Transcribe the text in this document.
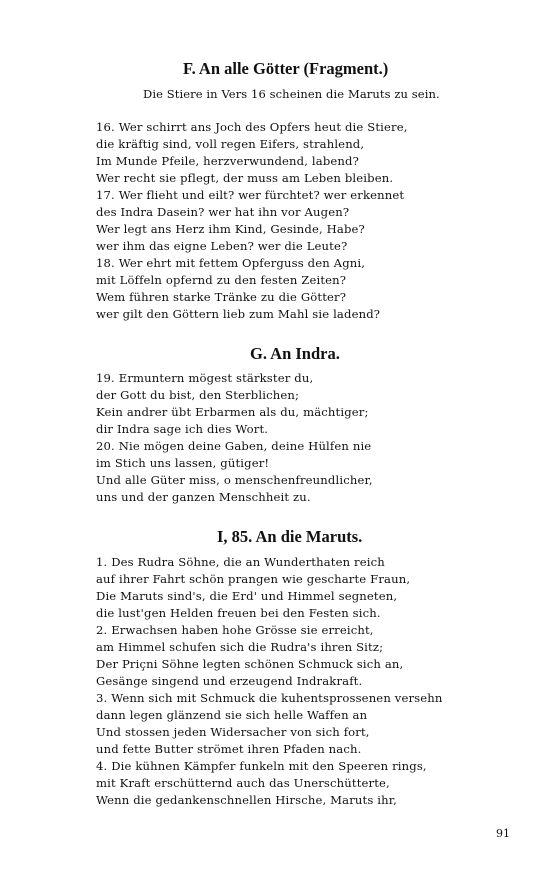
F. An alle Götter (Fragment.)
Die Stiere in Vers 16 scheinen die Maruts zu sein.
16. Wer schirrt ans Joch des Opfers heut die Stiere,
die kräftig sind, voll regen Eifers, strahlend,
Im Munde Pfeile, herzverwundend, labend?
Wer recht sie pflegt, der muss am Leben bleiben.
17. Wer flieht und eilt? wer fürchtet? wer erkennet
des Indra Dasein? wer hat ihn vor Augen?
Wer legt ans Herz ihm Kind, Gesinde, Habe?
wer ihm das eigne Leben? wer die Leute?
18. Wer ehrt mit fettem Opferguss den Agni,
mit Löffeln opfernd zu den festen Zeiten?
Wem führen starke Tränke zu die Götter?
wer gilt den Göttern lieb zum Mahl sie ladend?
G. An Indra.
19. Ermuntern mögest stärkster du,
der Gott du bist, den Sterblichen;
Kein andrer übt Erbarmen als du, mächtiger;
dir Indra sage ich dies Wort.
20. Nie mögen deine Gaben, deine Hülfen nie
im Stich uns lassen, gütiger!
Und alle Güter miss, o menschenfreundlicher,
uns und der ganzen Menschheit zu.
I, 85. An die Maruts.
1. Des Rudra Söhne, die an Wunderthaten reich
auf ihrer Fahrt schön prangen wie gescharte Fraun,
Die Maruts sind's, die Erd' und Himmel segneten,
die lust'gen Helden freuen bei den Festen sich.
2. Erwachsen haben hohe Grösse sie erreicht,
am Himmel schufen sich die Rudra's ihren Sitz;
Der Priçni Söhne legten schönen Schmuck sich an,
Gesänge singend und erzeugend Indrakraft.
3. Wenn sich mit Schmuck die kuhentsprossenen versehn
dann legen glänzend sie sich helle Waffen an
Und stossen jeden Widersacher von sich fort,
und fette Butter strömet ihren Pfaden nach.
4. Die kühnen Kämpfer funkeln mit den Speeren rings,
mit Kraft erschütternd auch das Unerschütterte,
Wenn die gedankenschnellen Hirsche, Maruts ihr,
91
